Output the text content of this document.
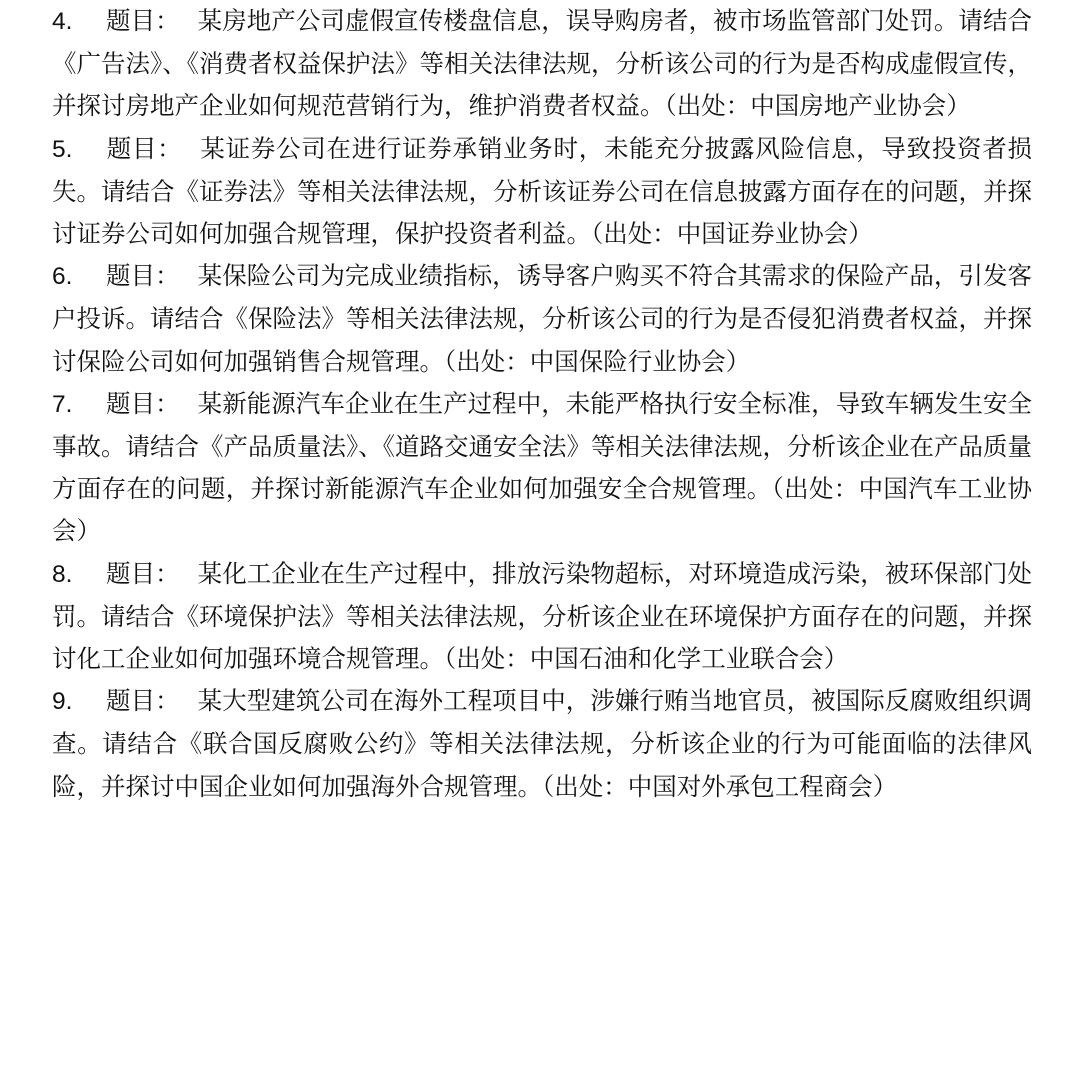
4. 题目： 某房地产公司虚假宣传楼盘信息，误导购房者，被市场监管部门处罚。请结合《广告法》、《消费者权益保护法》等相关法律法规，分析该公司的行为是否构成虚假宣传，并探讨房地产企业如何规范营销行为，维护消费者权益。（出处：中国房地产业协会）
5. 题目： 某证券公司在进行证券承销业务时，未能充分披露风险信息，导致投资者损失。请结合《证券法》等相关法律法规，分析该证券公司在信息披露方面存在的问题，并探讨证券公司如何加强合规管理，保护投资者利益。（出处：中国证券业协会）
6. 题目： 某保险公司为完成业绩指标，诱导客户购买不符合其需求的保险产品，引发客户投诉。请结合《保险法》等相关法律法规，分析该公司的行为是否侵犯消费者权益，并探讨保险公司如何加强销售合规管理。（出处：中国保险行业协会）
7. 题目： 某新能源汽车企业在生产过程中，未能严格执行安全标准，导致车辆发生安全事故。请结合《产品质量法》、《道路交通安全法》等相关法律法规，分析该企业在产品质量方面存在的问题，并探讨新能源汽车企业如何加强安全合规管理。（出处：中国汽车工业协会）
8. 题目： 某化工企业在生产过程中，排放污染物超标，对环境造成污染，被环保部门处罚。请结合《环境保护法》等相关法律法规，分析该企业在环境保护方面存在的问题，并探讨化工企业如何加强环境合规管理。（出处：中国石油和化学工业联合会）
9. 题目： 某大型建筑公司在海外工程项目中，涉嫌行贿当地官员，被国际反腐败组织调查。请结合《联合国反腐败公约》等相关法律法规，分析该企业的行为可能面临的法律风险，并探讨中国企业如何加强海外合规管理。（出处：中国对外承包工程商会）
